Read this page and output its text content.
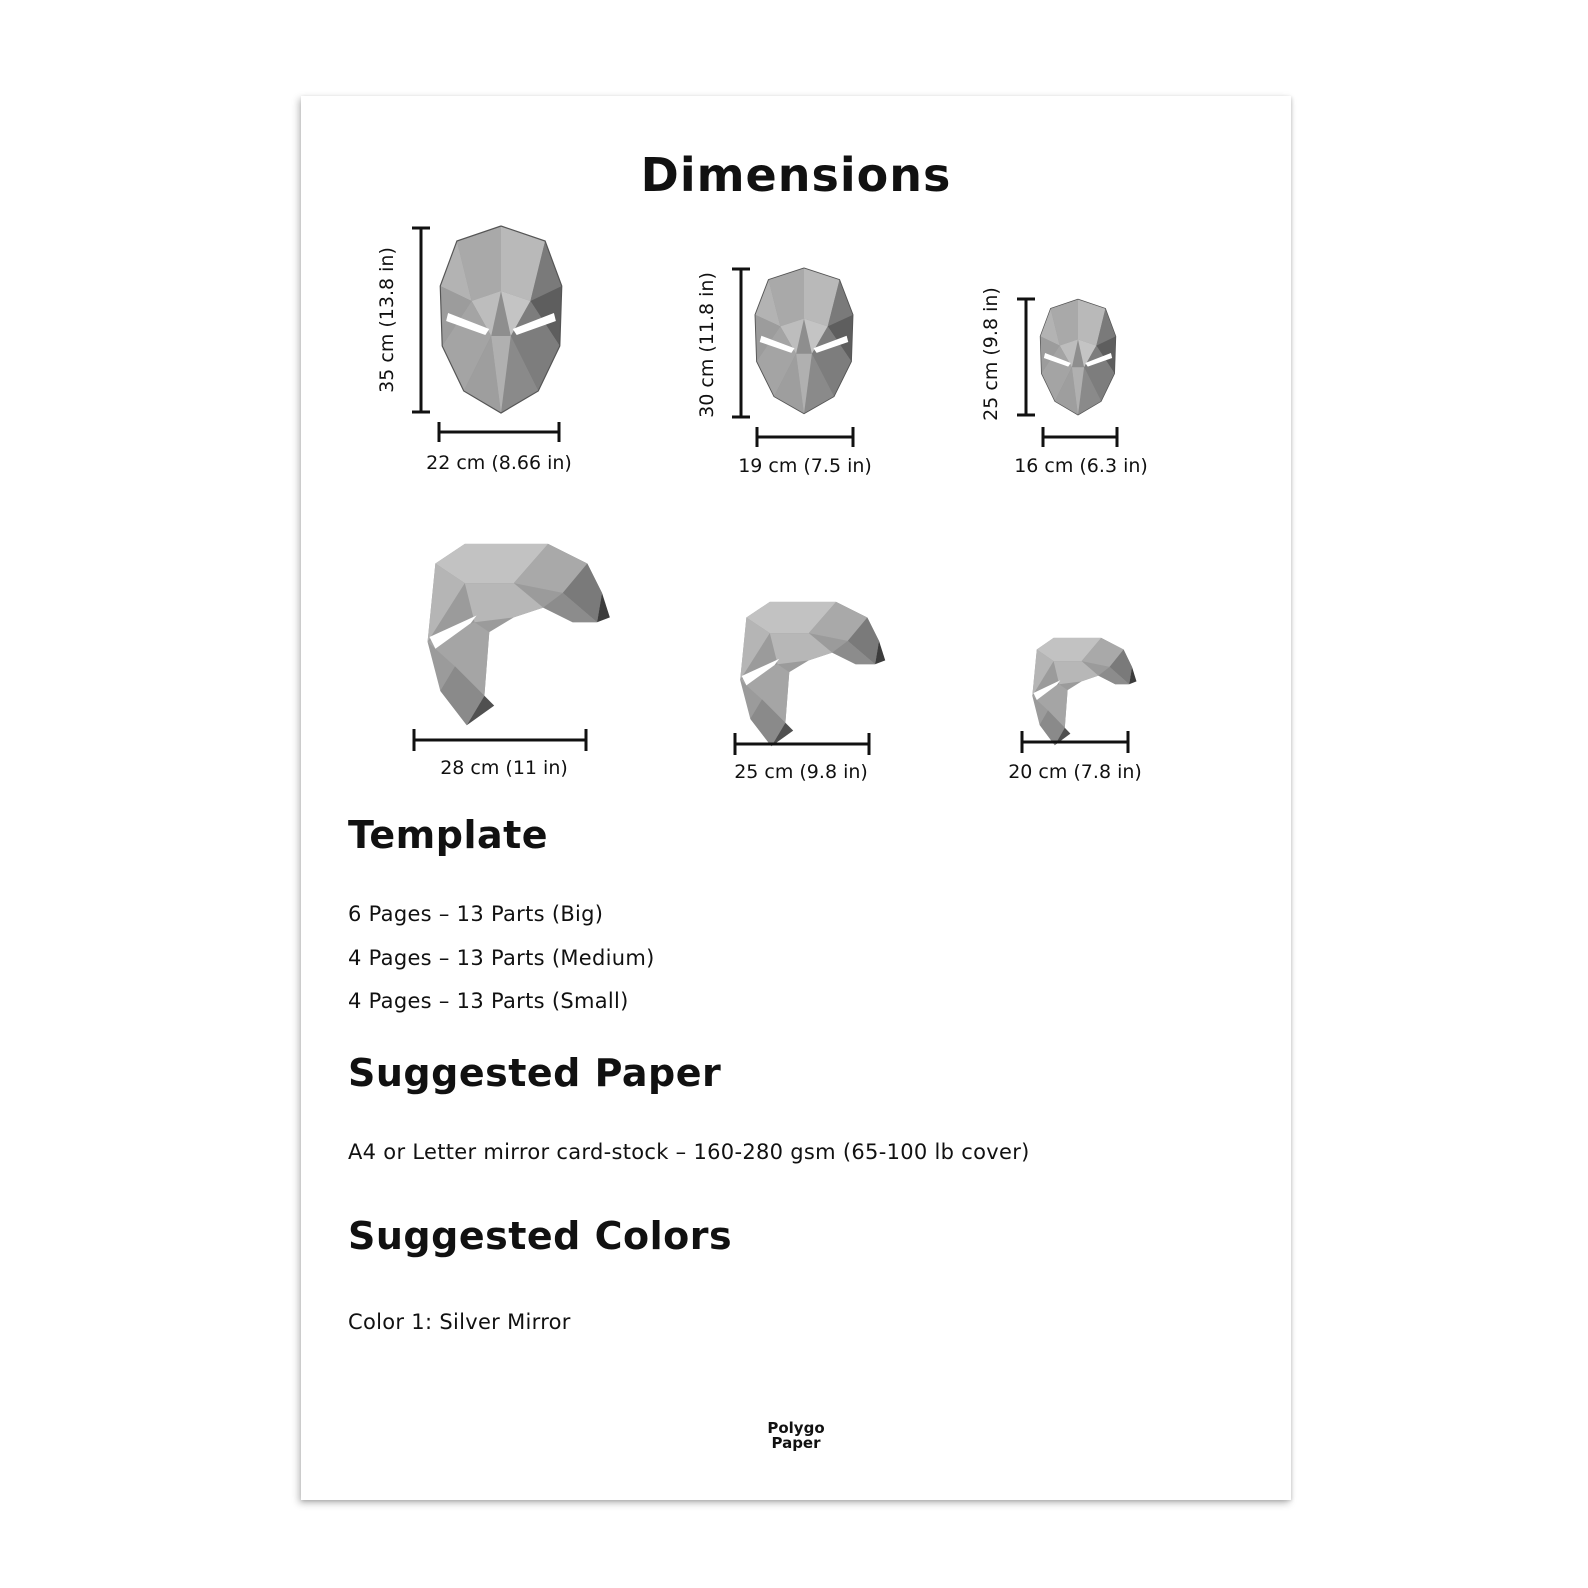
Dimensions
35 cm (13.8 in)
22 cm (8.66 in)
30 cm (11.8 in)
19 cm (7.5 in)
25 cm (9.8 in)
16 cm (6.3 in)
28 cm (11 in)	25 cm (9.8 in)	20 cm (7.8 in)
Template
6 Pages – 13 Parts (Big)
4 Pages – 13 Parts (Medium)
4 Pages – 13 Parts (Small)
Suggested Paper
A4 or Letter mirror card-stock – 160-280 gsm (65-100 lb cover)
Suggested Colors
Color 1: Silver Mirror
Polygo
Paper
